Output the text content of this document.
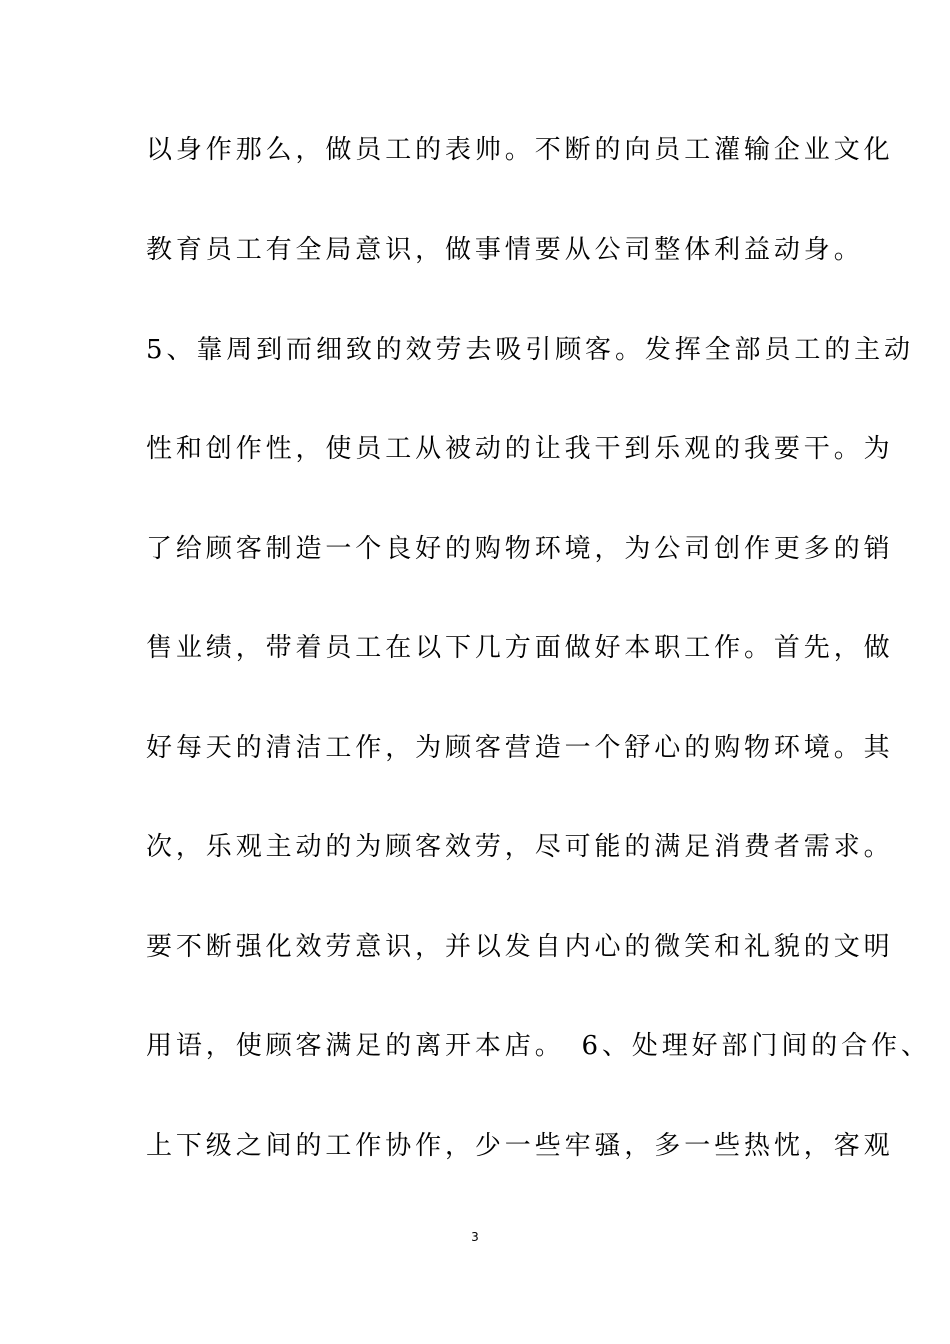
以身作那么，做员工的表帅。不断的向员工灌输企业文化
教育员工有全局意识，做事情要从公司整体利益动身。
5、靠周到而细致的效劳去吸引顾客。发挥全部员工的主动
性和创作性，使员工从被动的让我干到乐观的我要干。为
了给顾客制造一个良好的购物环境，为公司创作更多的销
售业绩，带着员工在以下几方面做好本职工作。首先，做
好每天的清洁工作，为顾客营造一个舒心的购物环境。其
次，乐观主动的为顾客效劳，尽可能的满足消费者需求。
要不断强化效劳意识，并以发自内心的微笑和礼貌的文明
用语，使顾客满足的离开本店。　6、处理好部门间的合作、
上下级之间的工作协作，少一些牢骚，多一些热忱，客观
3
